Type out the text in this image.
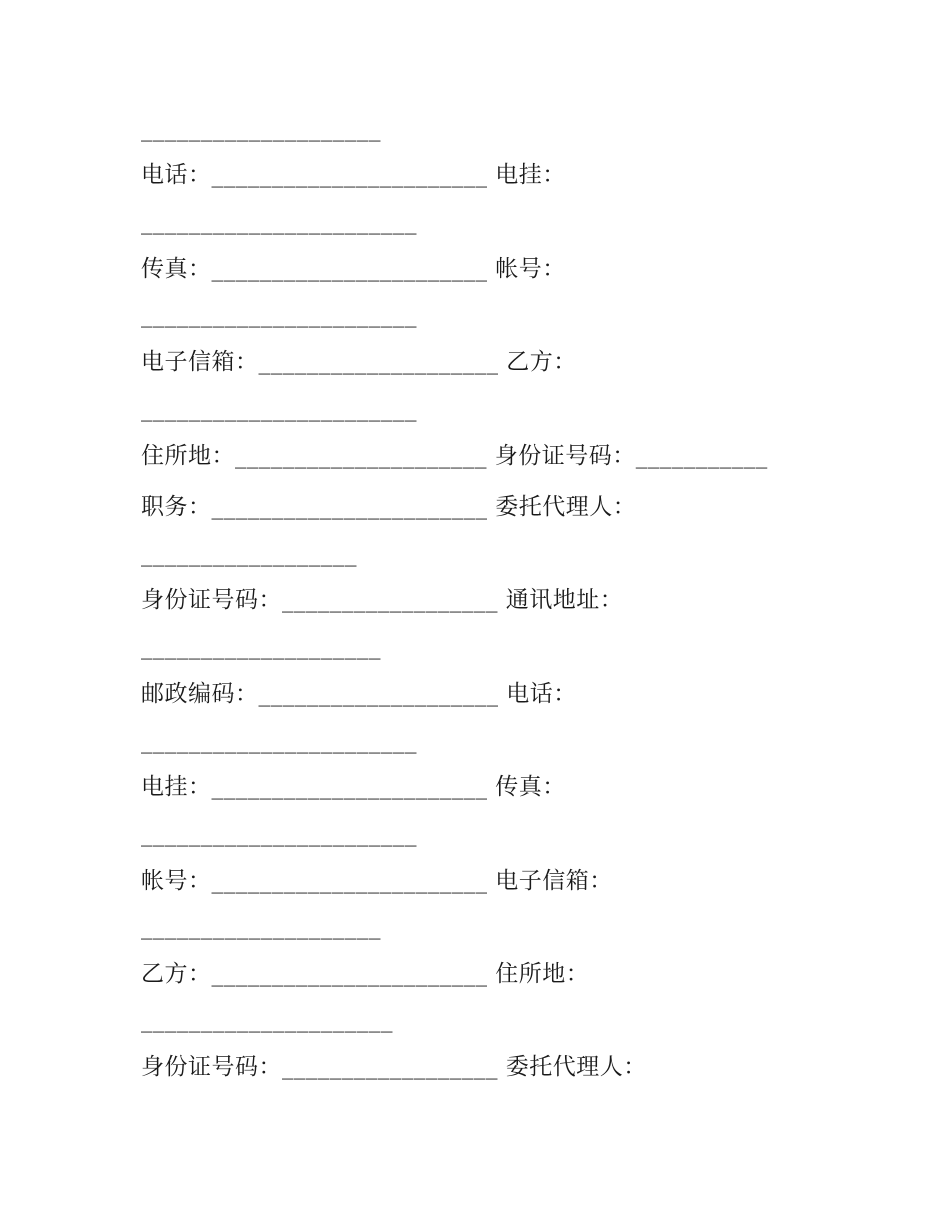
____________________
电话：_______________________ 电挂：
_______________________
传真：_______________________ 帐号：
_______________________
电子信箱：____________________ 乙方：
_______________________
住所地：_____________________ 身份证号码：___________
职务：_______________________ 委托代理人：
__________________
身份证号码：__________________ 通讯地址：
____________________
邮政编码：____________________ 电话：
_______________________
电挂：_______________________ 传真：
_______________________
帐号：_______________________ 电子信箱：
____________________
乙方：_______________________ 住所地：
_____________________
身份证号码：__________________ 委托代理人：
